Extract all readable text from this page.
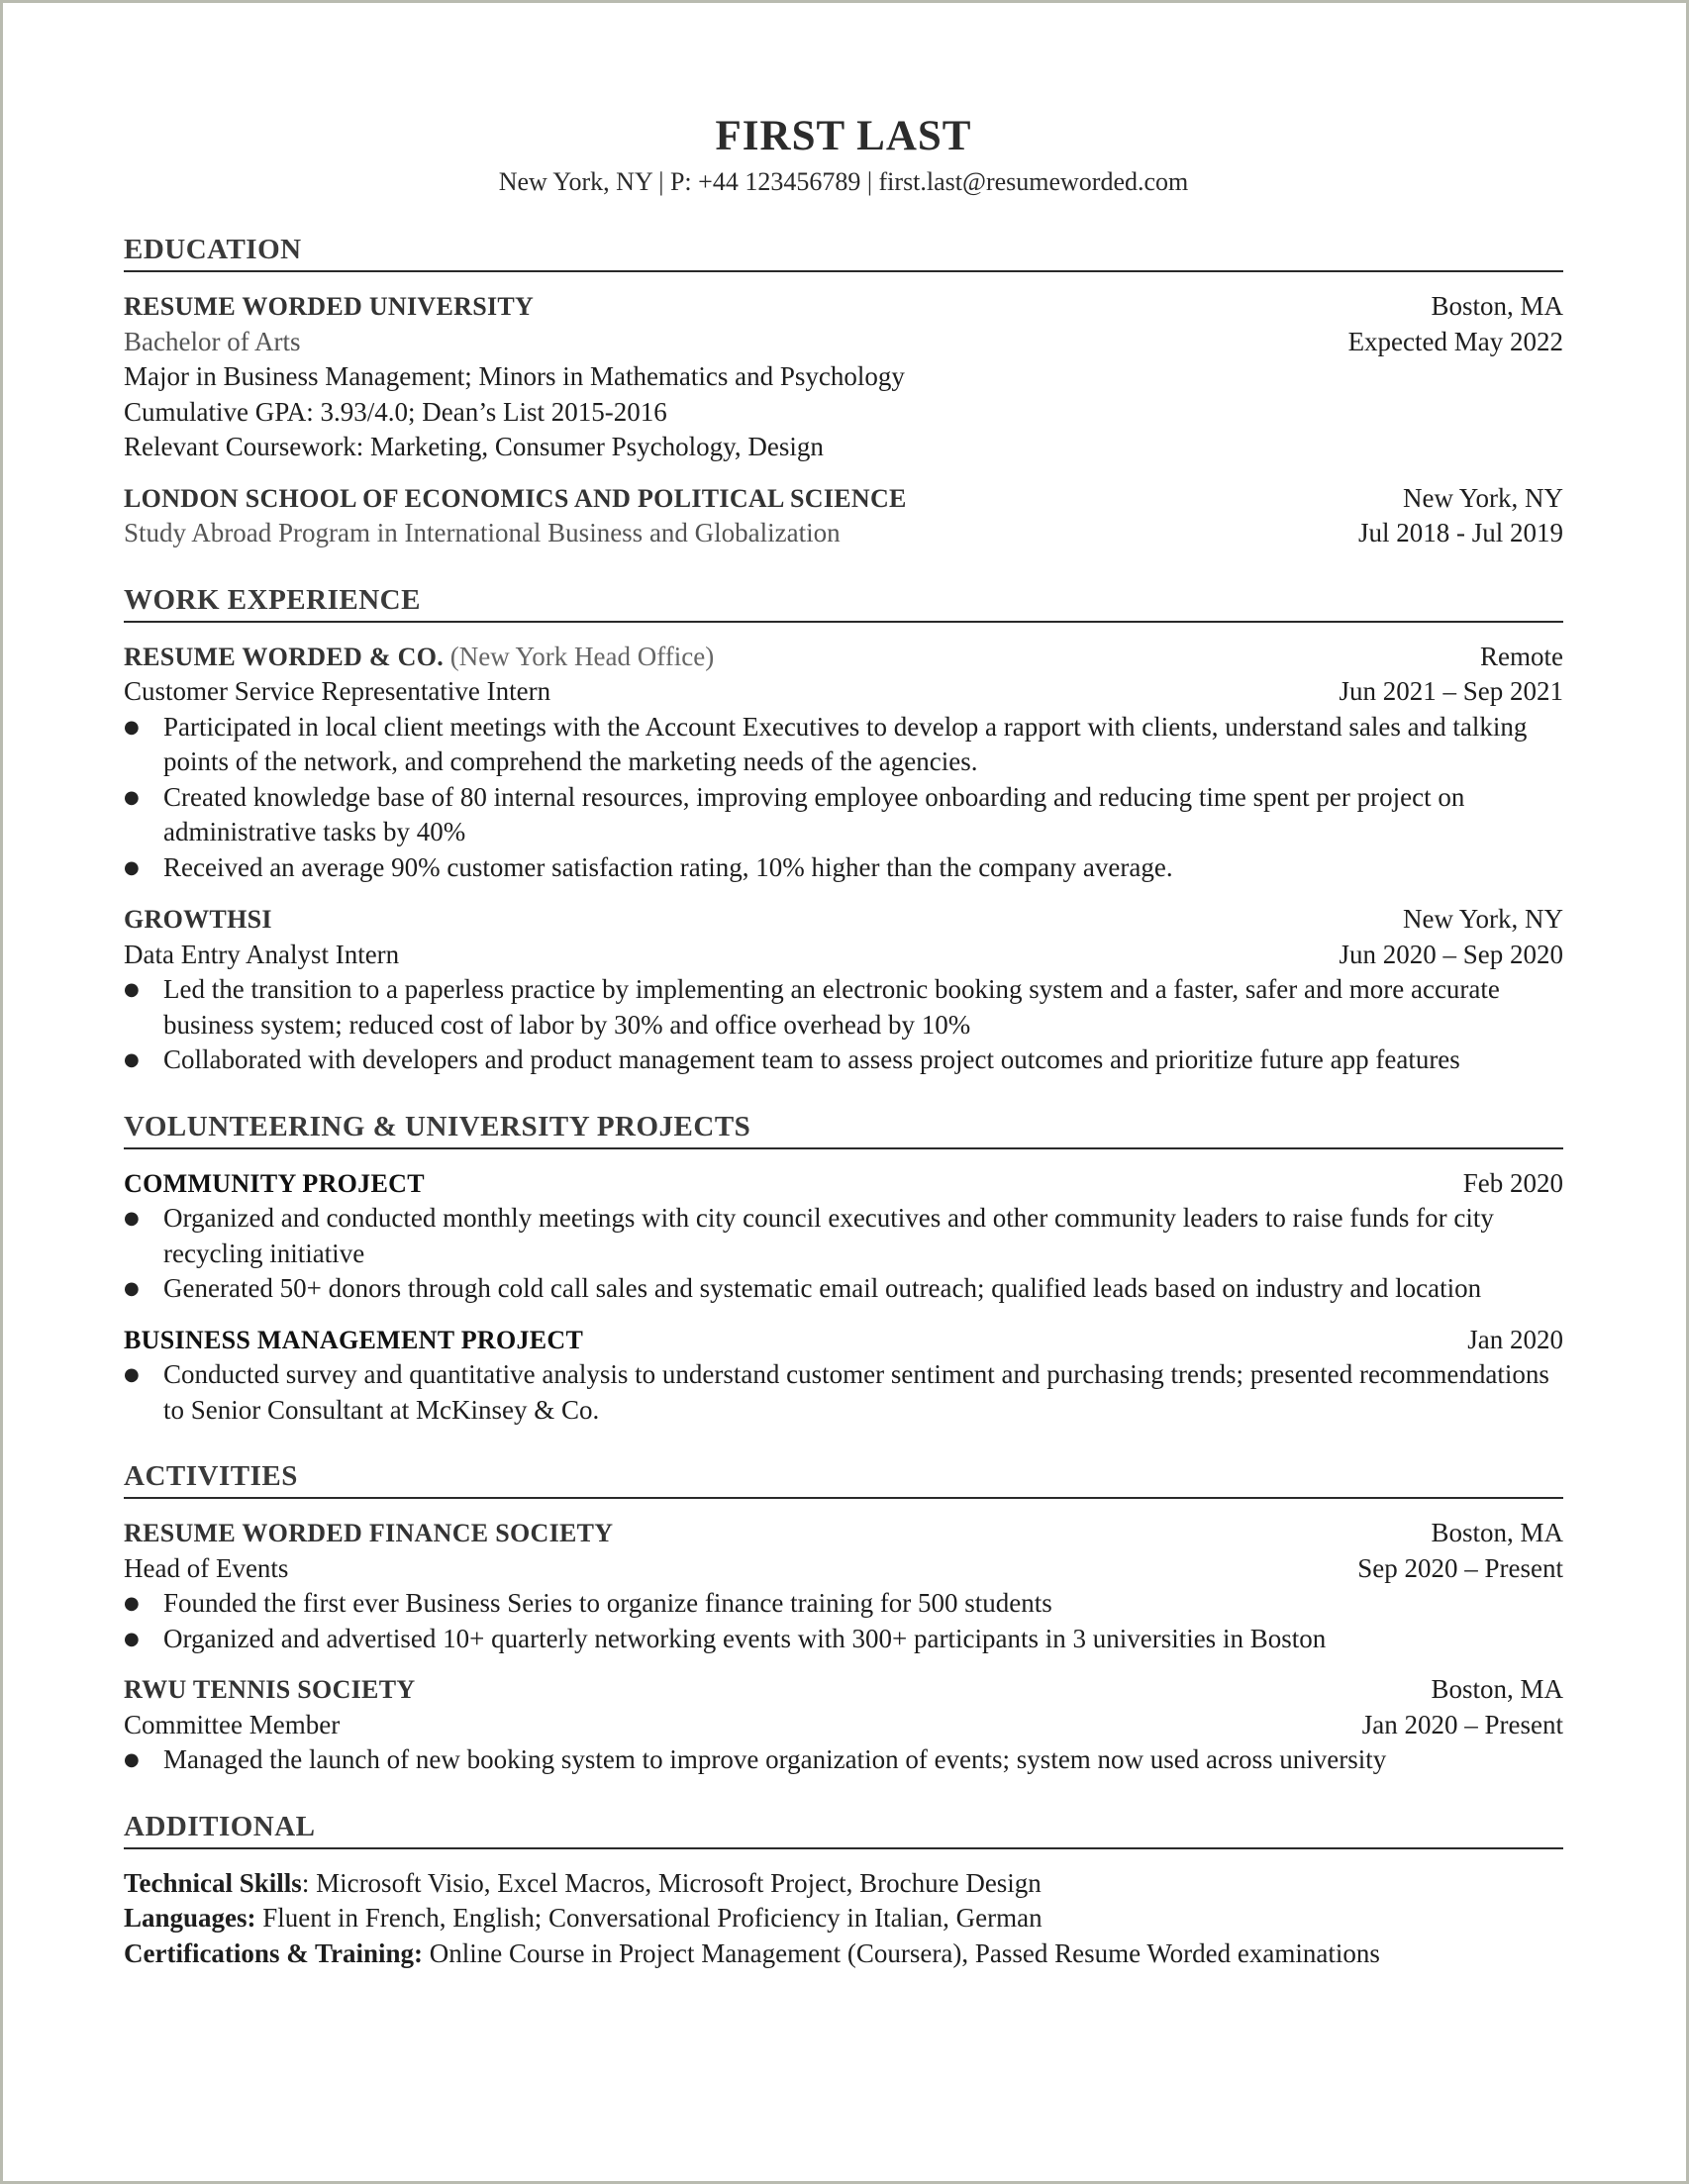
FIRST LAST
New York, NY | P: +44 123456789 | first.last@resumeworded.com
EDUCATION
RESUME WORDED UNIVERSITY	Boston, MA
Bachelor of Arts	Expected May 2022
Major in Business Management; Minors in Mathematics and Psychology
Cumulative GPA: 3.93/4.0; Dean’s List 2015-2016
Relevant Coursework: Marketing, Consumer Psychology, Design
LONDON SCHOOL OF ECONOMICS AND POLITICAL SCIENCE	New York, NY
Study Abroad Program in International Business and Globalization	Jul 2018 - Jul 2019
WORK EXPERIENCE
RESUME WORDED & CO. (New York Head Office)	Remote
Customer Service Representative Intern	Jun 2021 – Sep 2021
● Participated in local client meetings with the Account Executives to develop a rapport with clients, understand sales and talking points of the network, and comprehend the marketing needs of the agencies.
● Created knowledge base of 80 internal resources, improving employee onboarding and reducing time spent per project on administrative tasks by 40%
● Received an average 90% customer satisfaction rating, 10% higher than the company average.
GROWTHSI	New York, NY
Data Entry Analyst Intern	Jun 2020 – Sep 2020
● Led the transition to a paperless practice by implementing an electronic booking system and a faster, safer and more accurate business system; reduced cost of labor by 30% and office overhead by 10%
● Collaborated with developers and product management team to assess project outcomes and prioritize future app features
VOLUNTEERING & UNIVERSITY PROJECTS
COMMUNITY PROJECT	Feb 2020
● Organized and conducted monthly meetings with city council executives and other community leaders to raise funds for city recycling initiative
● Generated 50+ donors through cold call sales and systematic email outreach; qualified leads based on industry and location
BUSINESS MANAGEMENT PROJECT	Jan 2020
● Conducted survey and quantitative analysis to understand customer sentiment and purchasing trends; presented recommendations to Senior Consultant at McKinsey & Co.
ACTIVITIES
RESUME WORDED FINANCE SOCIETY	Boston, MA
Head of Events	Sep 2020 – Present
● Founded the first ever Business Series to organize finance training for 500 students
● Organized and advertised 10+ quarterly networking events with 300+ participants in 3 universities in Boston
RWU TENNIS SOCIETY	Boston, MA
Committee Member	Jan 2020 – Present
● Managed the launch of new booking system to improve organization of events; system now used across university
ADDITIONAL
Technical Skills: Microsoft Visio, Excel Macros, Microsoft Project, Brochure Design
Languages: Fluent in French, English; Conversational Proficiency in Italian, German
Certifications & Training: Online Course in Project Management (Coursera), Passed Resume Worded examinations
